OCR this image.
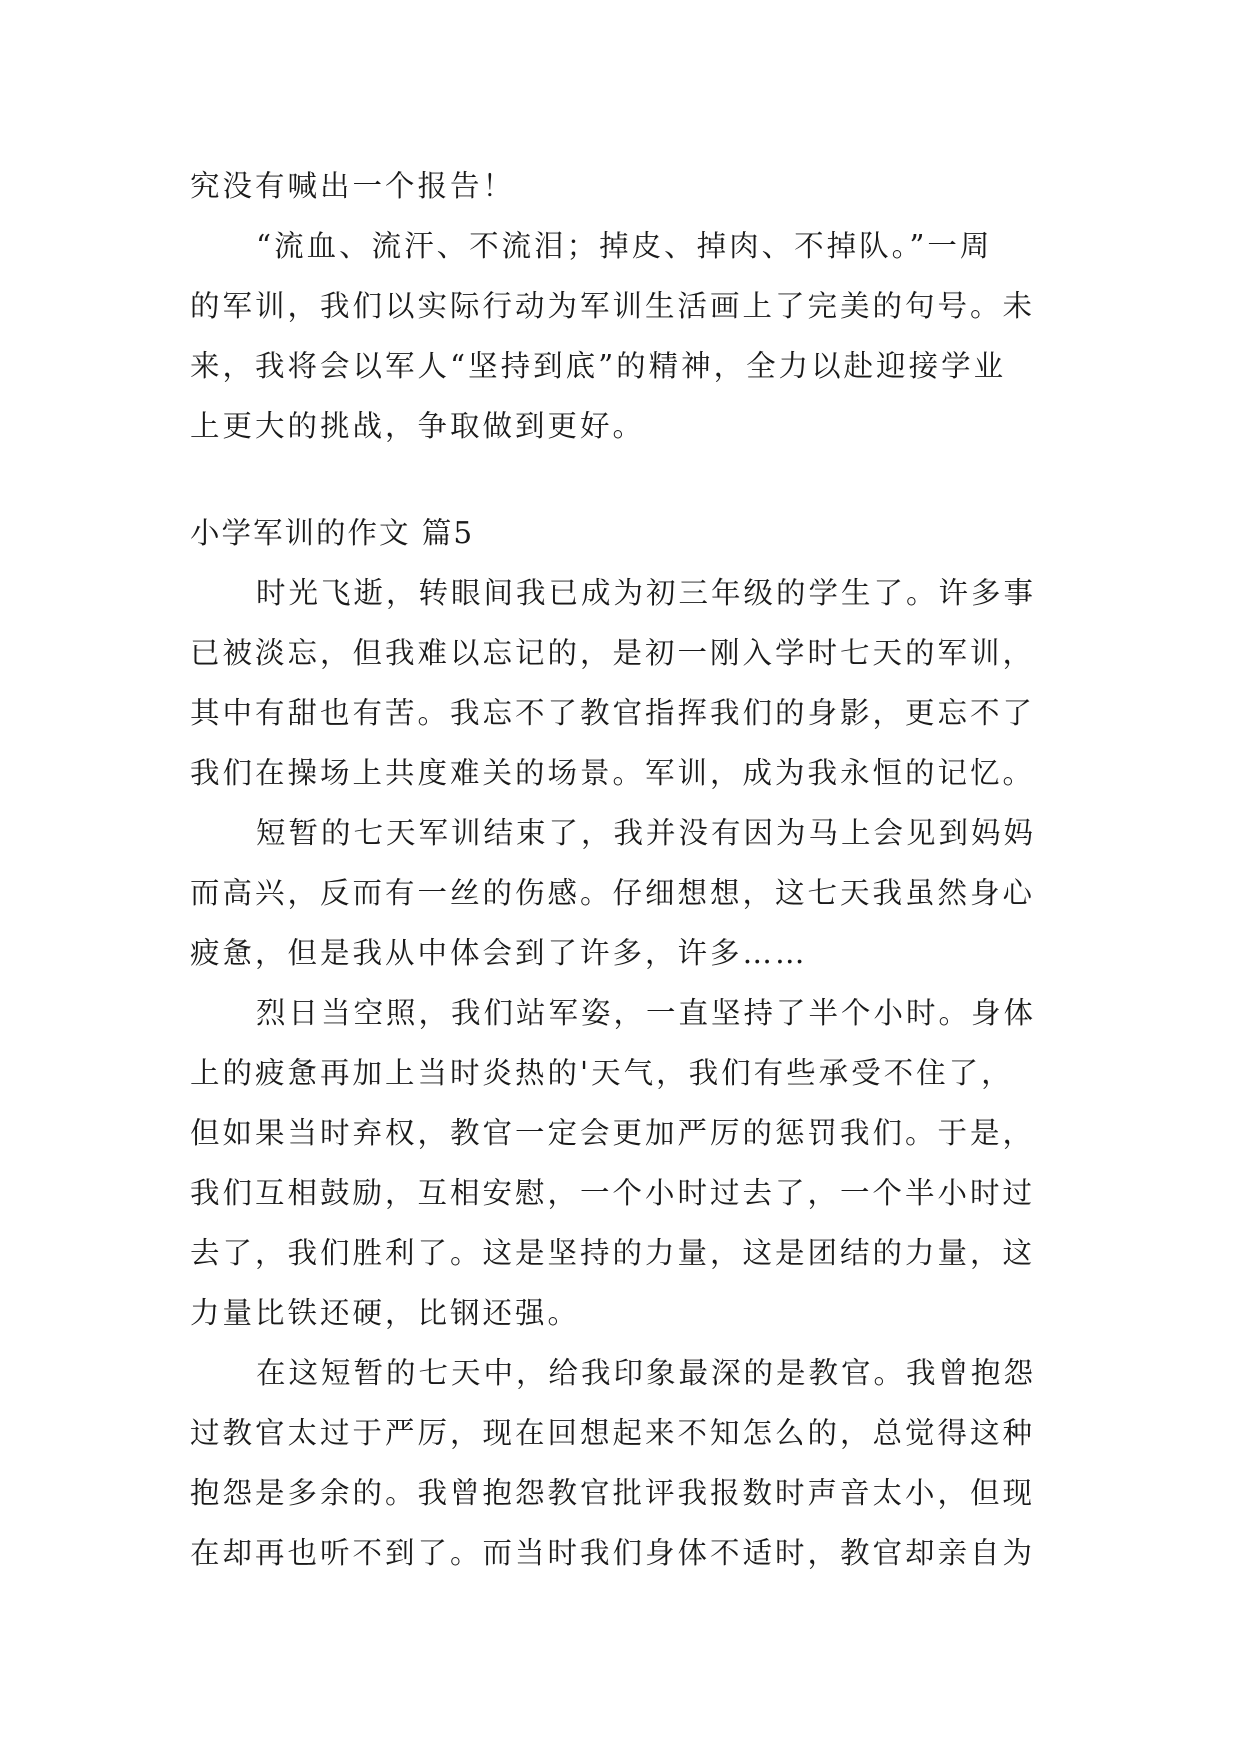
究没有喊出一个报告！
“流血、流汗、不流泪；掉皮、掉肉、不掉队。”一周
的军训，我们以实际行动为军训生活画上了完美的句号。未
来，我将会以军人“坚持到底”的精神，全力以赴迎接学业
上更大的挑战，争取做到更好。
小学军训的作文 篇5
时光飞逝，转眼间我已成为初三年级的学生了。许多事
已被淡忘，但我难以忘记的，是初一刚入学时七天的军训，
其中有甜也有苦。我忘不了教官指挥我们的身影，更忘不了
我们在操场上共度难关的场景。军训，成为我永恒的记忆。
短暂的七天军训结束了，我并没有因为马上会见到妈妈
而高兴，反而有一丝的伤感。仔细想想，这七天我虽然身心
疲惫，但是我从中体会到了许多，许多……
烈日当空照，我们站军姿，一直坚持了半个小时。身体
上的疲惫再加上当时炎热的'天气，我们有些承受不住了，
但如果当时弃权，教官一定会更加严厉的惩罚我们。于是，
我们互相鼓励，互相安慰，一个小时过去了，一个半小时过
去了，我们胜利了。这是坚持的力量，这是团结的力量，这
力量比铁还硬，比钢还强。
在这短暂的七天中，给我印象最深的是教官。我曾抱怨
过教官太过于严厉，现在回想起来不知怎么的，总觉得这种
抱怨是多余的。我曾抱怨教官批评我报数时声音太小，但现
在却再也听不到了。而当时我们身体不适时，教官却亲自为
